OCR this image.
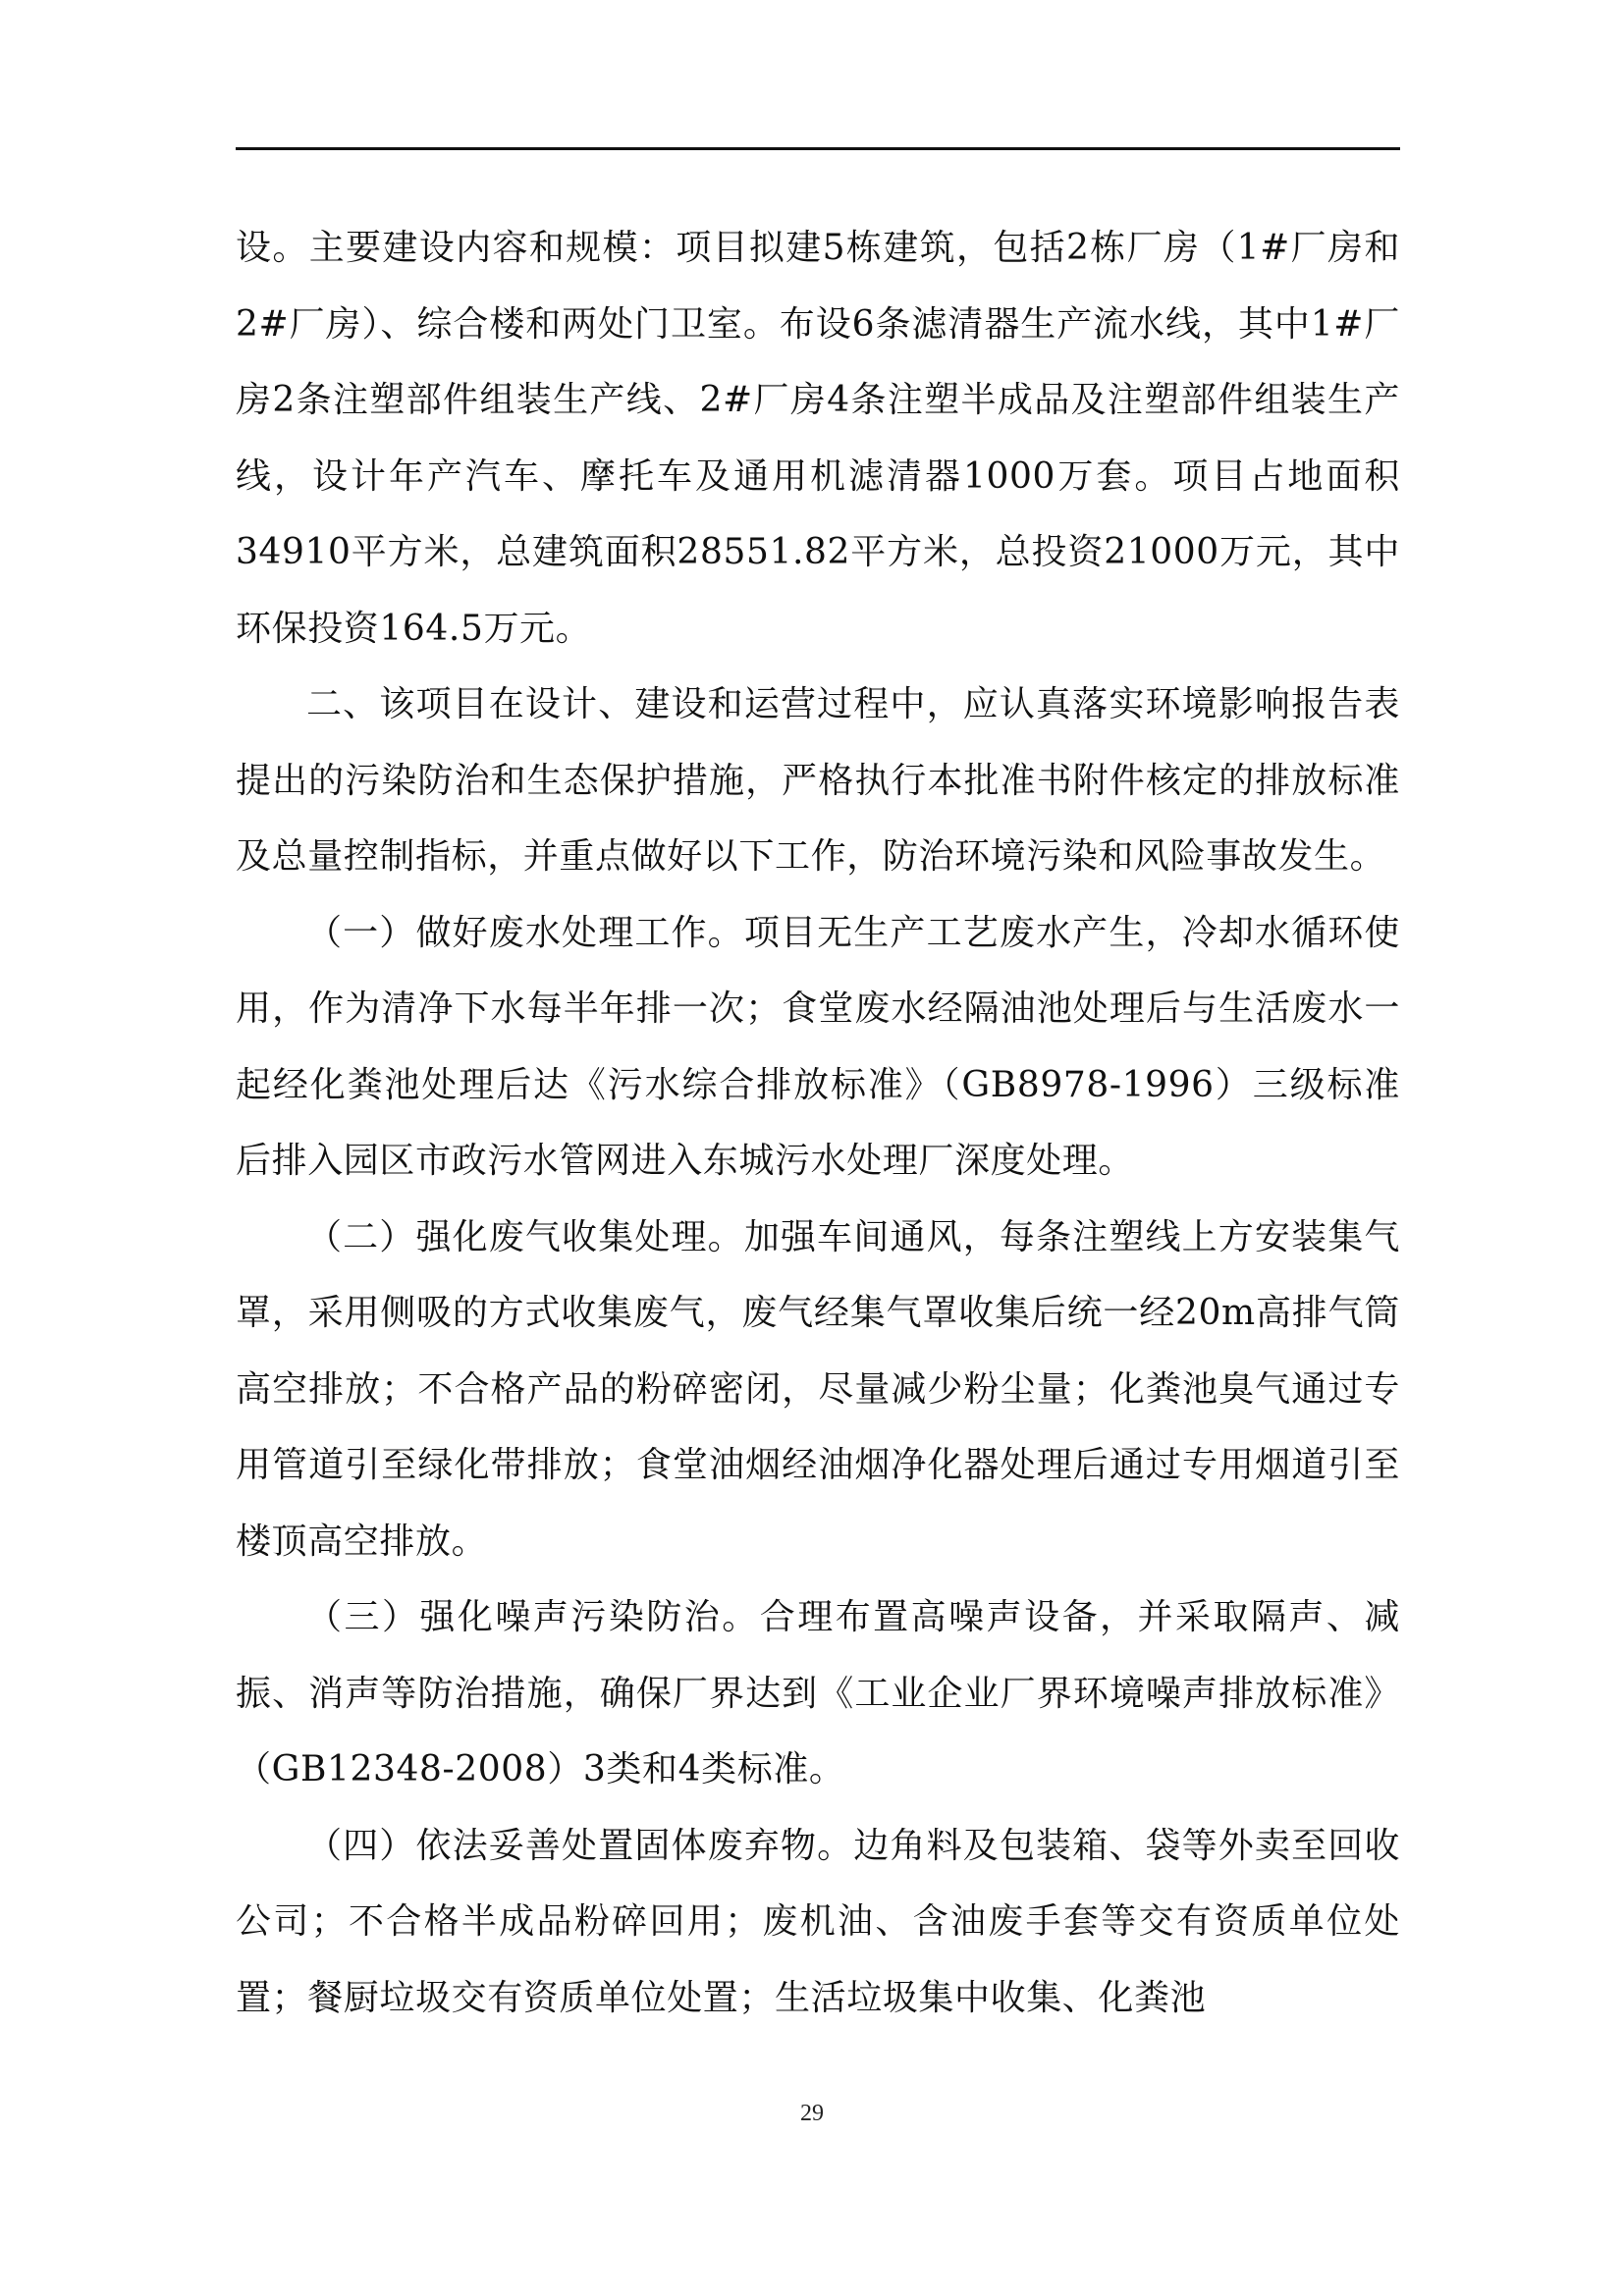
设。主要建设内容和规模：项目拟建5栋建筑，包括2栋厂房（1#厂房和2#厂房）、综合楼和两处门卫室。布设6条滤清器生产流水线，其中1#厂房2条注塑部件组装生产线、2#厂房4条注塑半成品及注塑部件组装生产线，设计年产汽车、摩托车及通用机滤清器1000万套。项目占地面积34910平方米，总建筑面积28551.82平方米，总投资21000万元，其中环保投资164.5万元。

二、该项目在设计、建设和运营过程中，应认真落实环境影响报告表提出的污染防治和生态保护措施，严格执行本批准书附件核定的排放标准及总量控制指标，并重点做好以下工作，防治环境污染和风险事故发生。

（一）做好废水处理工作。项目无生产工艺废水产生，冷却水循环使用，作为清净下水每半年排一次；食堂废水经隔油池处理后与生活废水一起经化粪池处理后达《污水综合排放标准》（GB8978-1996）三级标准后排入园区市政污水管网进入东城污水处理厂深度处理。

（二）强化废气收集处理。加强车间通风，每条注塑线上方安装集气罩，采用侧吸的方式收集废气，废气经集气罩收集后统一经20m高排气筒高空排放；不合格产品的粉碎密闭，尽量减少粉尘量；化粪池臭气通过专用管道引至绿化带排放；食堂油烟经油烟净化器处理后通过专用烟道引至楼顶高空排放。

（三）强化噪声污染防治。合理布置高噪声设备，并采取隔声、减振、消声等防治措施，确保厂界达到《工业企业厂界环境噪声排放标准》（GB12348-2008）3类和4类标准。

（四）依法妥善处置固体废弃物。边角料及包装箱、袋等外卖至回收公司；不合格半成品粉碎回用；废机油、含油废手套等交有资质单位处置；餐厨垃圾交有资质单位处置；生活垃圾集中收集、化粪池

29
